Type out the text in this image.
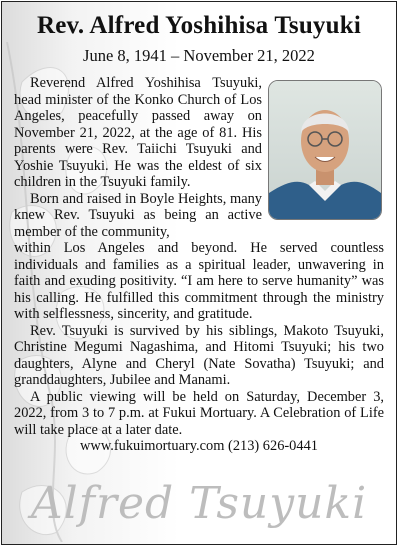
Rev. Alfred Yoshihisa Tsuyuki
June 8, 1941 – November 21, 2022

Reverend Alfred Yoshihisa Tsuyuki, head minister of the Konko Church of Los Angeles, peacefully passed away on November 21, 2022, at the age of 81. His parents were Rev. Taiichi Tsuyuki and Yoshie Tsuyuki. He was the eldest of six children in the Tsuyuki family.

Born and raised in Boyle Heights, many knew Rev. Tsuyuki as being an active member of the community,

within Los Angeles and beyond. He served countless individuals and families as a spiritual leader, unwavering in faith and exuding positivity. “I am here to serve humanity” was his calling. He fulfilled this commitment through the ministry with selflessness, sincerity, and gratitude.

Rev. Tsuyuki is survived by his siblings, Makoto Tsuyuki, Christine Megumi Nagashima, and Hitomi Tsuyuki; his two daughters, Alyne and Cheryl (Nate Sovatha) Tsuyuki; and granddaughters, Jubilee and Manami.

A public viewing will be held on Saturday, December 3, 2022, from 3 to 7 p.m. at Fukui Mortuary. A Celebration of Life will take place at a later date.

www.fukuimortuary.com (213) 626-0441

Alfred Tsuyuki
